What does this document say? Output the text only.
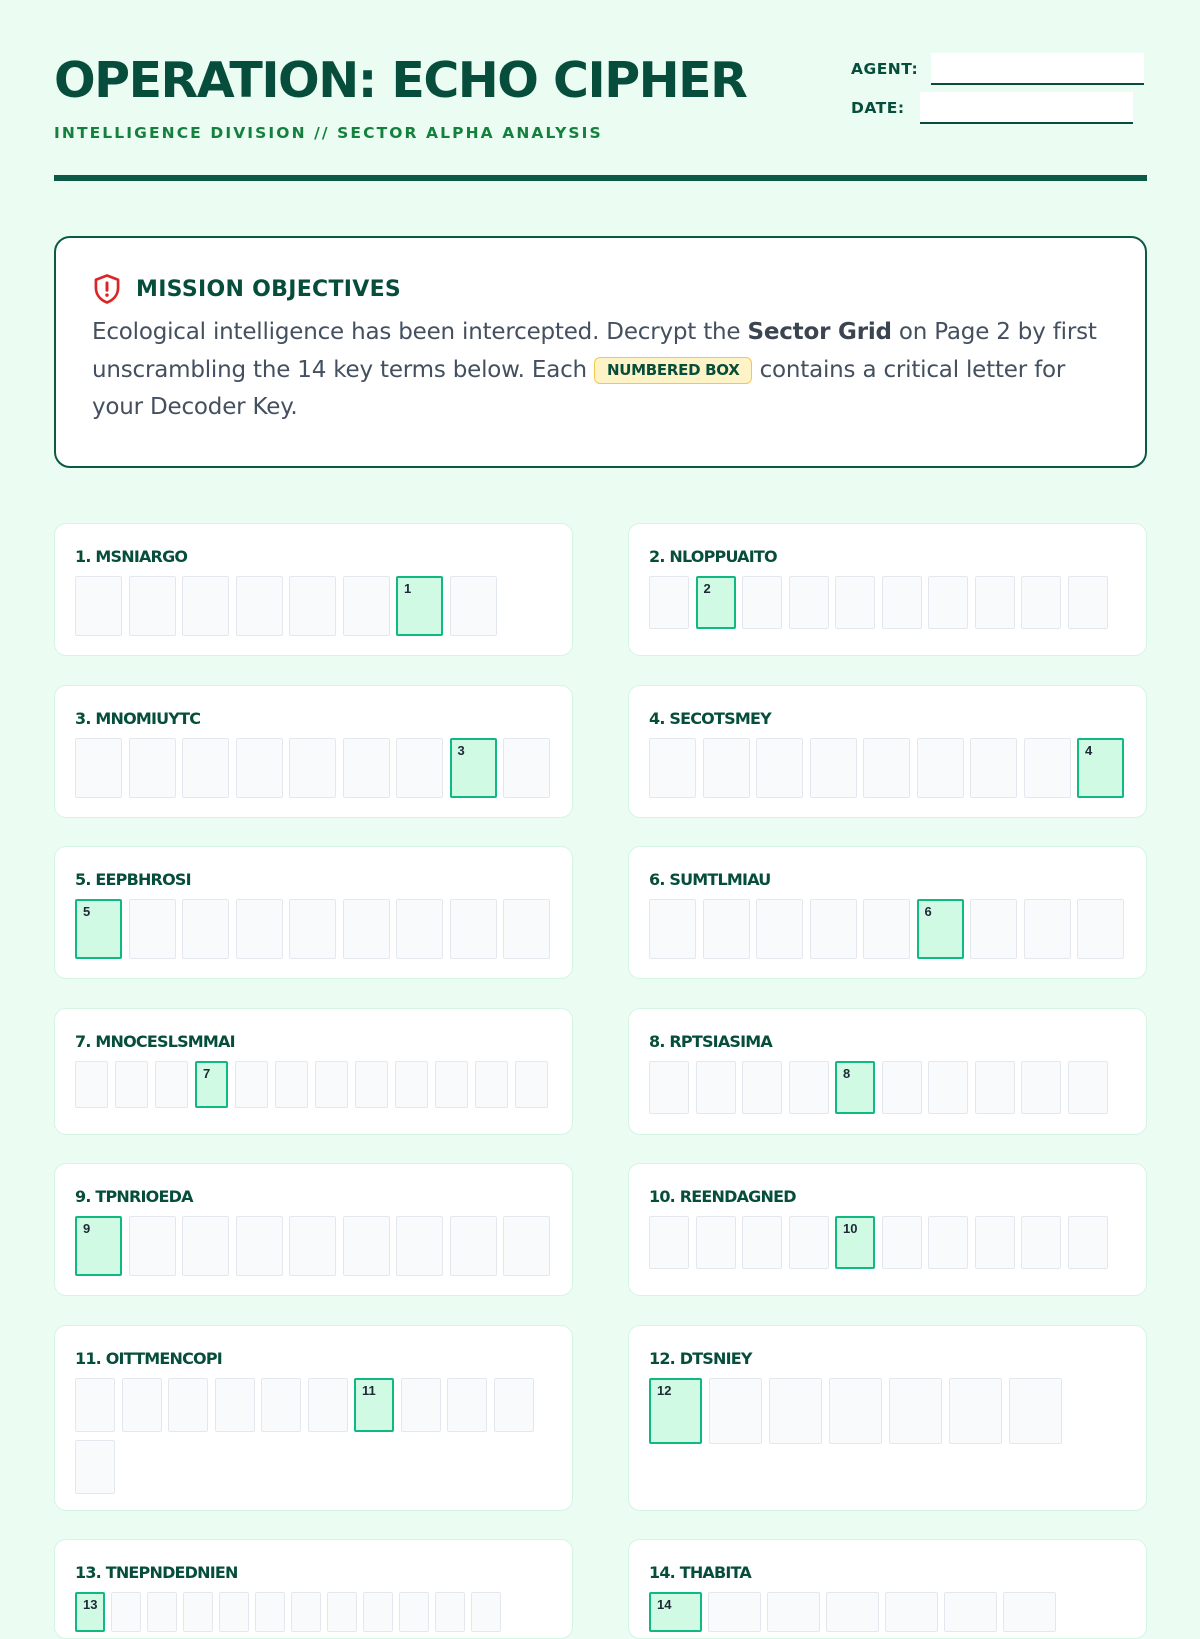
OPERATION: ECHO CIPHER
INTELLIGENCE DIVISION // SECTOR ALPHA ANALYSIS
AGENT:
DATE:
MISSION OBJECTIVES

Ecological intelligence has been intercepted. Decrypt the Sector Grid on Page 2 by first unscrambling the 14 key terms below. Each NUMBERED BOX contains a critical letter for your Decoder Key.

1. MSNIARGO
1
2. NLOPPUAITO
2
3. MNOMIUYTC
3
4. SECOTSMEY
4
5. EEPBHROSI
5
6. SUMTLMIAU
6
7. MNOCESLSMMAI
7
8. RPTSIASIMA
8
9. TPNRIOEDA
9
10. REENDAGNED
10
11. OITTMENCOPI
11
12. DTSNIEY
12
13. TNEPNDEDNIEN
13
14. THABITA
14
